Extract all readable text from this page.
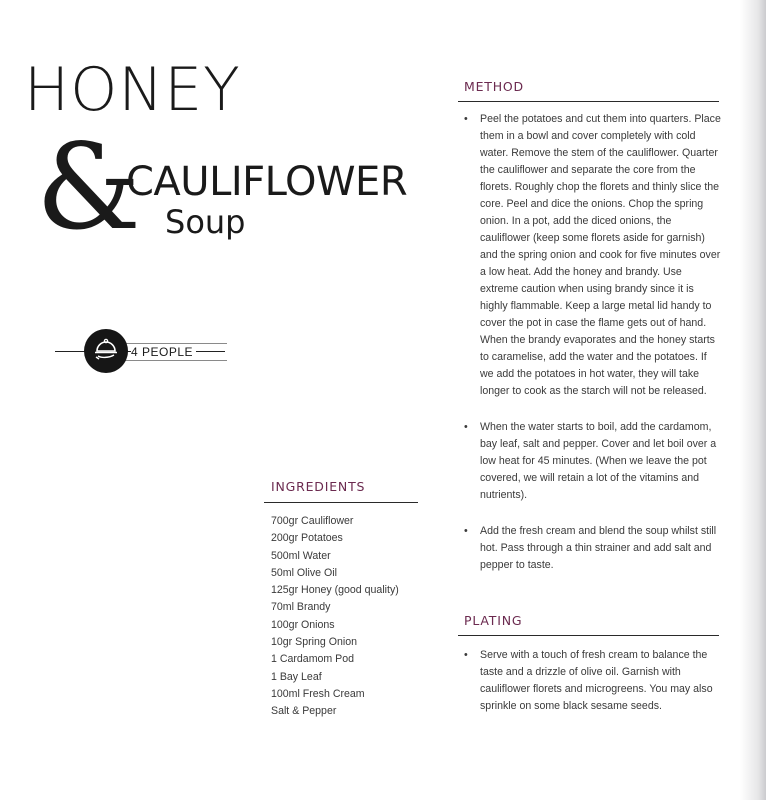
HONEY
&
CAULIFLOWER
Soup
4 PEOPLE
METHOD
• Peel the potatoes and cut them into quarters. Place them in a bowl and cover completely with cold water. Remove the stem of the cauliflower. Quarter the cauliflower and separate the core from the florets. Roughly chop the florets and thinly slice the core. Peel and dice the onions. Chop the spring onion. In a pot, add the diced onions, the cauliflower (keep some florets aside for garnish) and the spring onion and cook for five minutes over a low heat. Add the honey and brandy. Use extreme caution when using brandy since it is highly flammable. Keep a large metal lid handy to cover the pot in case the flame gets out of hand. When the brandy evaporates and the honey starts to caramelise, add the water and the potatoes. If we add the potatoes in hot water, they will take longer to cook as the starch will not be released.
• When the water starts to boil, add the cardamom, bay leaf, salt and pepper. Cover and let boil over a low heat for 45 minutes. (When we leave the pot covered, we will retain a lot of the vitamins and nutrients).
• Add the fresh cream and blend the soup whilst still hot. Pass through a thin strainer and add salt and pepper to taste.
PLATING
• Serve with a touch of fresh cream to balance the taste and a drizzle of olive oil. Garnish with cauliflower florets and microgreens. You may also sprinkle on some black sesame seeds.
INGREDIENTS
700gr Cauliflower
200gr Potatoes
500ml Water
50ml Olive Oil
125gr Honey (good quality)
70ml Brandy
100gr Onions
10gr Spring Onion
1 Cardamom Pod
1 Bay Leaf
100ml Fresh Cream
Salt & Pepper
